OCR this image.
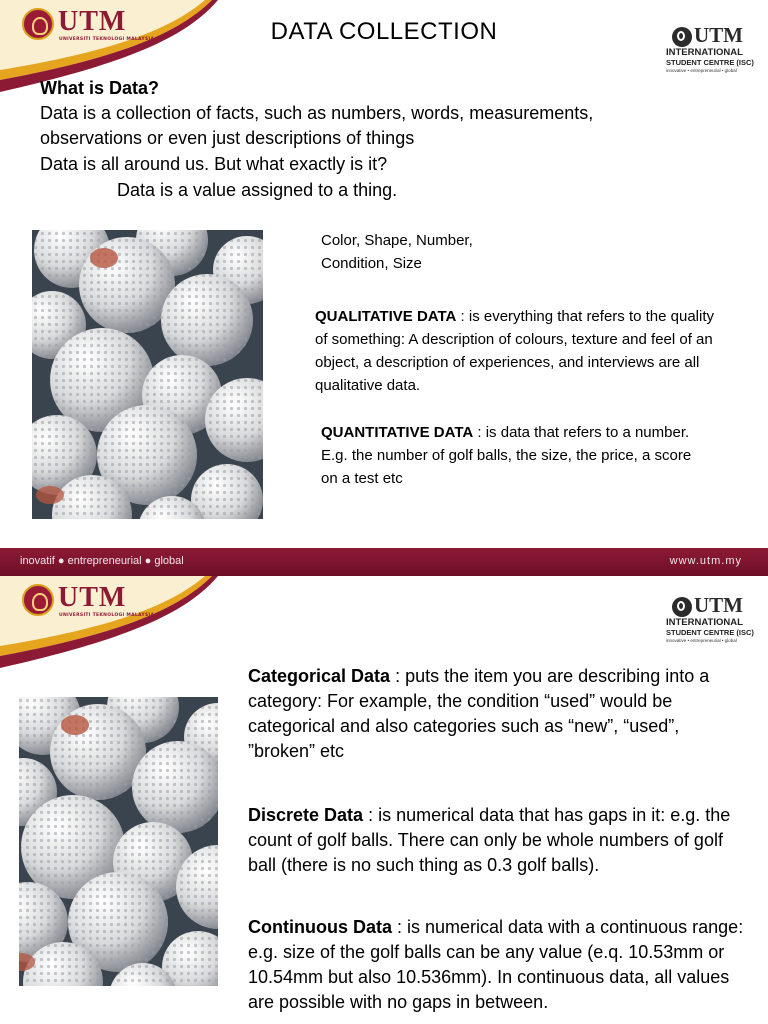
UTM
UNIVERSITI TEKNOLOGI MALAYSIA	DATA COLLECTION	UTM
INTERNATIONAL
STUDENT CENTRE (ISC)
innovative • entrepreneurial • global
What is Data?
Data is a collection of facts, such as numbers, words, measurements,
observations or even just descriptions of things
Data is all around us. But what exactly is it?
Data is a value assigned to a thing.
Color, Shape, Number,
Condition, Size
QUALITATIVE DATA : is everything that refers to the quality of something: A description of colours, texture and feel of an object, a description of experiences, and interviews are all qualitative data.
QUANTITATIVE DATA : is data that refers to a number. E.g. the number of golf balls, the size, the price, a score on a test etc
inovatif ● entrepreneurial ● global	www.utm.my
UTM
UNIVERSITI TEKNOLOGI MALAYSIA	UTM
INTERNATIONAL
STUDENT CENTRE (ISC)
innovative • entrepreneurial • global
Categorical Data : puts the item you are describing into a category: For example, the condition “used” would be categorical and also categories such as “new”, “used”, ”broken” etc
Discrete Data : is numerical data that has gaps in it: e.g. the count of golf balls. There can only be whole numbers of golf ball (there is no such thing as 0.3 golf balls).
Continuous Data : is numerical data with a continuous range: e.g. size of the golf balls can be any value (e.q. 10.53mm or 10.54mm but also 10.536mm). In continuous data, all values are possible with no gaps in between.
